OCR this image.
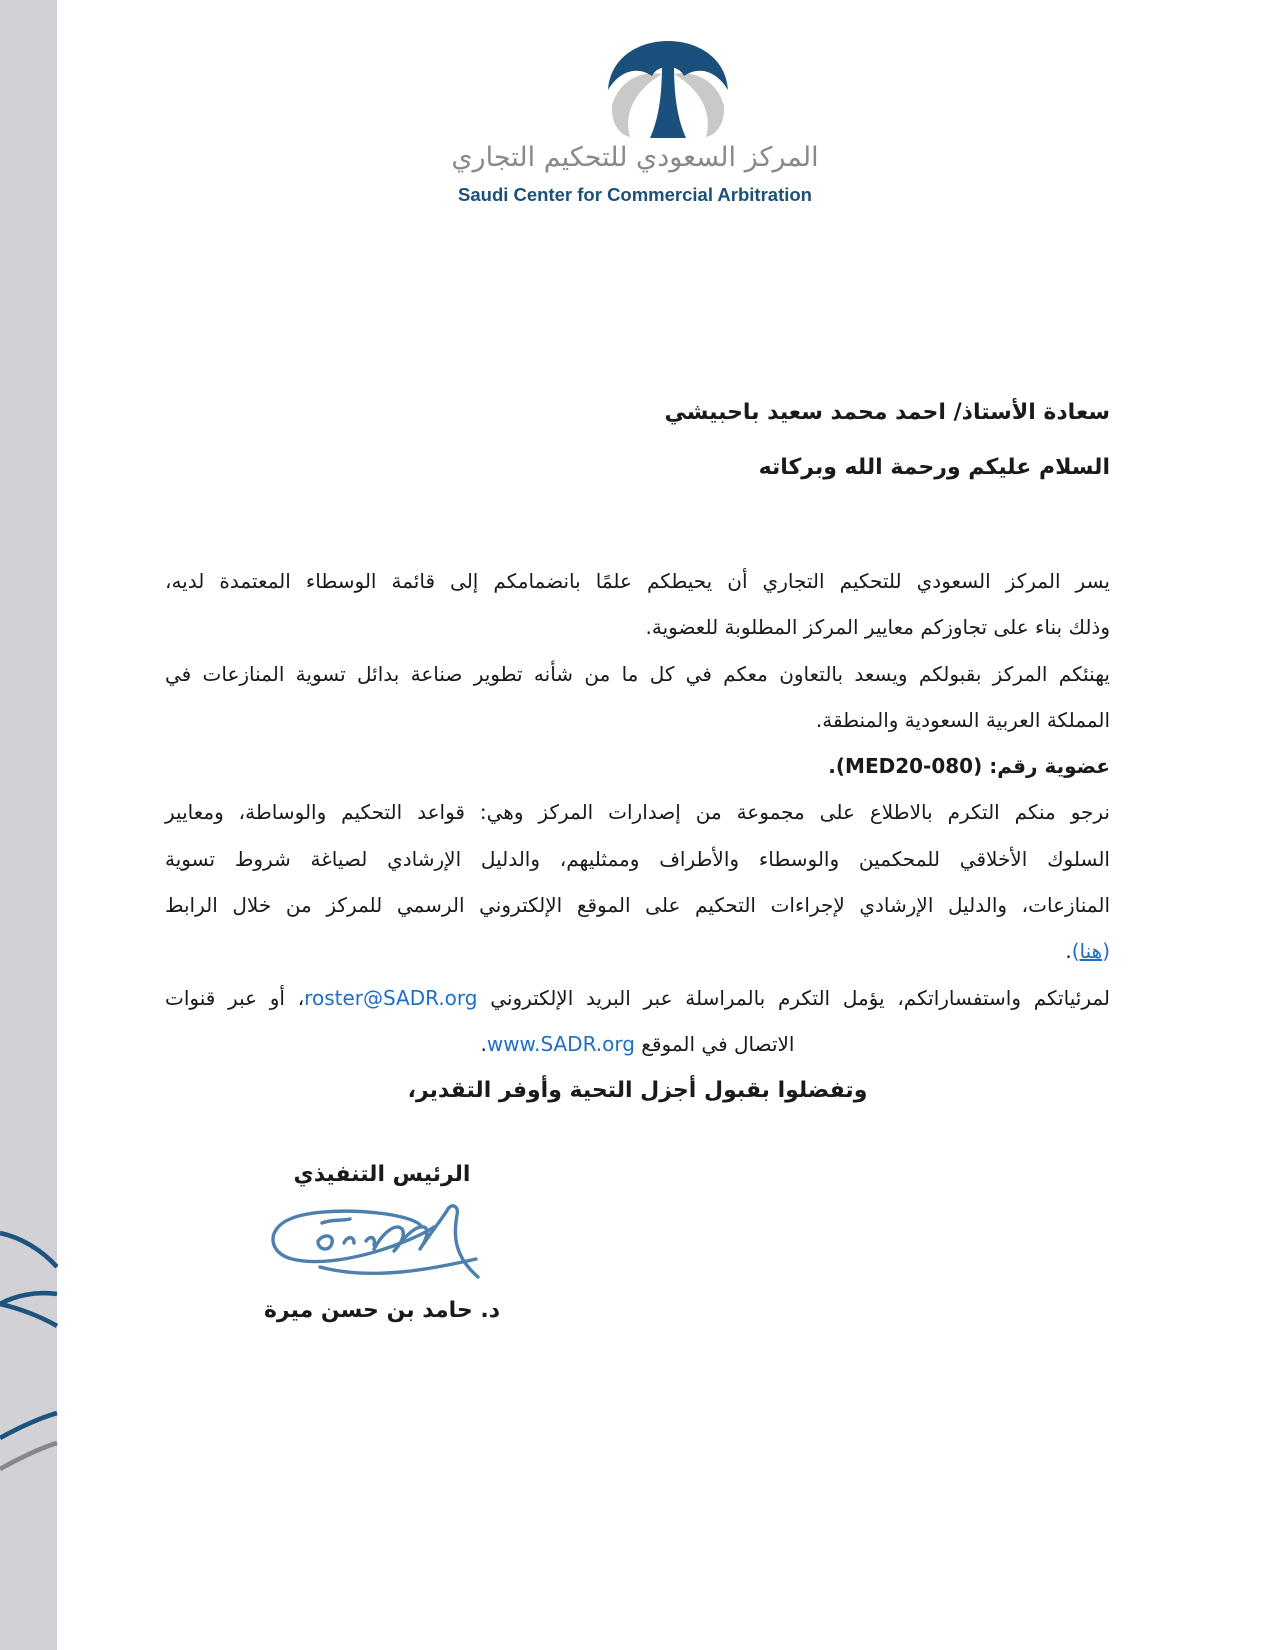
المركز السعودي للتحكيم التجاري
Saudi Center for Commercial Arbitration
سعادة الأستاذ/ احمد محمد سعيد باحبيشي
السلام عليكم ورحمة الله وبركاته
يسر المركز السعودي للتحكيم التجاري أن يحيطكم علمًا بانضمامكم إلى قائمة الوسطاء المعتمدة لديه،
وذلك بناء على تجاوزكم معايير المركز المطلوبة للعضوية.
يهنئكم المركز بقبولكم ويسعد بالتعاون معكم في كل ما من شأنه تطوير صناعة بدائل تسوية المنازعات في
المملكة العربية السعودية والمنطقة.
عضوية رقم: (MED20-080).
نرجو منكم التكرم بالاطلاع على مجموعة من إصدارات المركز وهي: قواعد التحكيم والوساطة، ومعايير
السلوك الأخلاقي للمحكمين والوسطاء والأطراف وممثليهم، والدليل الإرشادي لصياغة شروط تسوية
المنازعات، والدليل الإرشادي لإجراءات التحكيم على الموقع الإلكتروني الرسمي للمركز من خلال الرابط
(هنا).
لمرئياتكم واستفساراتكم، يؤمل التكرم بالمراسلة عبر البريد الإلكتروني roster@SADR.org، أو عبر قنوات
الاتصال في الموقع www.SADR.org.
وتفضلوا بقبول أجزل التحية وأوفر التقدير،
الرئيس التنفيذي
د. حامد بن حسن ميرة
